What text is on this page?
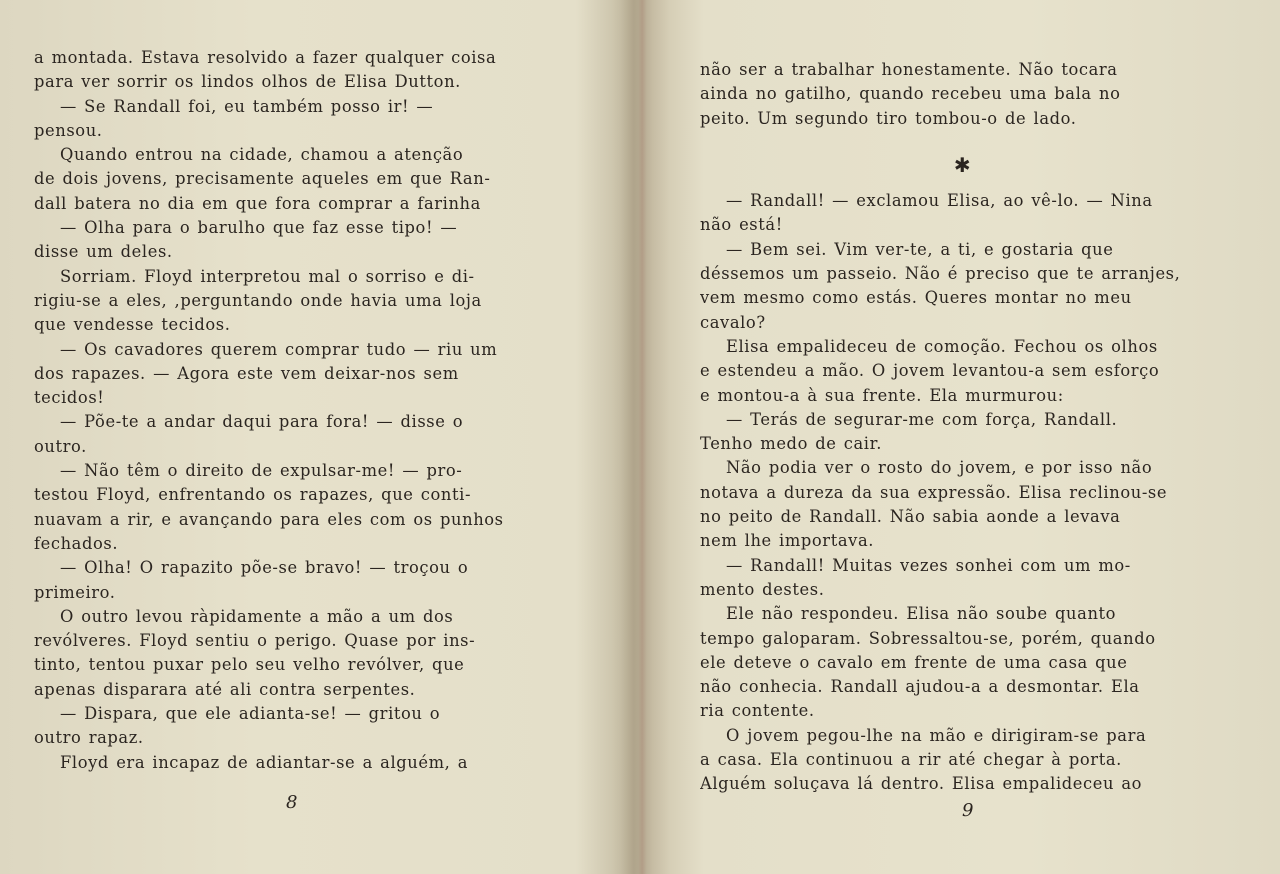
a montada. Estava resolvido a fazer qualquer coisa
para ver sorrir os lindos olhos de Elisa Dutton.
— Se Randall foi, eu também posso ir! —
pensou.
Quando entrou na cidade, chamou a atenção
de dois jovens, precisamente aqueles em que Ran-
dall batera no dia em que fora comprar a farinha
— Olha para o barulho que faz esse tipo! —
disse um deles.
Sorriam. Floyd interpretou mal o sorriso e di-
rigiu-se a eles, ,perguntando onde havia uma loja
que vendesse tecidos.
— Os cavadores querem comprar tudo — riu um
dos rapazes. — Agora este vem deixar-nos sem
tecidos!
— Põe-te a andar daqui para fora! — disse o
outro.
— Não têm o direito de expulsar-me! — pro-
testou Floyd, enfrentando os rapazes, que conti-
nuavam a rir, e avançando para eles com os punhos
fechados.
— Olha! O rapazito põe-se bravo! — troçou o
primeiro.
O outro levou ràpidamente a mão a um dos
revólveres. Floyd sentiu o perigo. Quase por ins-
tinto, tentou puxar pelo seu velho revólver, que
apenas disparara até ali contra serpentes.
— Dispara, que ele adianta-se! — gritou o
outro rapaz.
Floyd era incapaz de adiantar-se a alguém, a
8
não ser a trabalhar honestamente. Não tocara
ainda no gatilho, quando recebeu uma bala no
peito. Um segundo tiro tombou-o de lado.
✱
— Randall! — exclamou Elisa, ao vê-lo. — Nina
não está!
— Bem sei. Vim ver-te, a ti, e gostaria que
déssemos um passeio. Não é preciso que te arranjes,
vem mesmo como estás. Queres montar no meu
cavalo?
Elisa empalideceu de comoção. Fechou os olhos
e estendeu a mão. O jovem levantou-a sem esforço
e montou-a à sua frente. Ela murmurou:
— Terás de segurar-me com força, Randall.
Tenho medo de cair.
Não podia ver o rosto do jovem, e por isso não
notava a dureza da sua expressão. Elisa reclinou-se
no peito de Randall. Não sabia aonde a levava
nem lhe importava.
— Randall! Muitas vezes sonhei com um mo-
mento destes.
Ele não respondeu. Elisa não soube quanto
tempo galoparam. Sobressaltou-se, porém, quando
ele deteve o cavalo em frente de uma casa que
não conhecia. Randall ajudou-a a desmontar. Ela
ria contente.
O jovem pegou-lhe na mão e dirigiram-se para
a casa. Ela continuou a rir até chegar à porta.
Alguém soluçava lá dentro. Elisa empalideceu ao
9
